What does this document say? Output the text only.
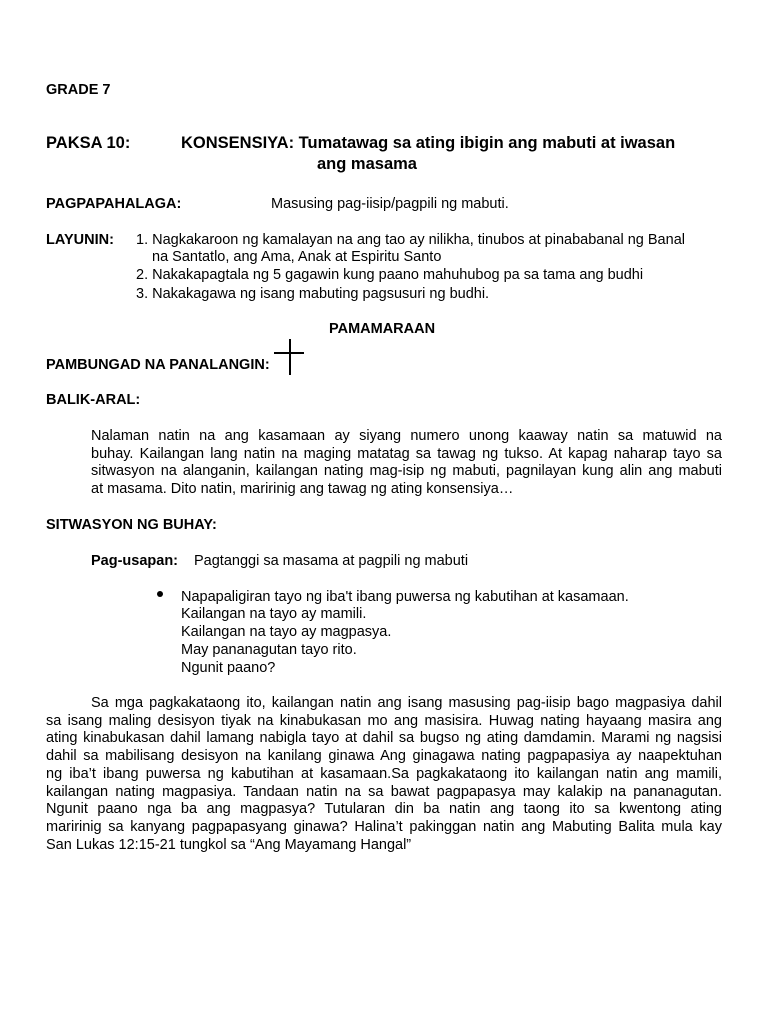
GRADE 7
PAKSA 10:	KONSENSIYA: Tumatawag sa ating ibigin ang mabuti at iwasan
ang masama
PAGPAPAHALAGA:	Masusing pag-iisip/pagpili ng mabuti.
LAYUNIN: 1. Nagkakaroon ng kamalayan na ang tao ay nilikha, tinubos at pinababanal ng Banal
na Santatlo, ang Ama, Anak at Espiritu Santo
2. Nakakapagtala ng 5 gagawin kung paano mahuhubog pa sa tama ang budhi
3. Nakakagawa ng isang mabuting pagsusuri ng budhi.
PAMAMARAAN
PAMBUNGAD NA PANALANGIN:
BALIK-ARAL:
Nalaman natin na ang kasamaan ay siyang numero unong kaaway natin sa matuwid na
buhay. Kailangan lang natin na maging matatag sa tawag ng tukso. At kapag naharap tayo sa
sitwasyon na alanganin, kailangan nating mag-isip ng mabuti, pagnilayan kung alin ang mabuti
at masama. Dito natin, maririnig ang tawag ng ating konsensiya…
SITWASYON NG BUHAY:
Pag-usapan: Pagtanggi sa masama at pagpili ng mabuti
Napapaligiran tayo ng iba't ibang puwersa ng kabutihan at kasamaan.
Kailangan na tayo ay mamili.
Kailangan na tayo ay magpasya.
May pananagutan tayo rito.
Ngunit paano?
Sa mga pagkakataong ito, kailangan natin ang isang masusing pag-iisip bago magpasiya dahil
sa isang maling desisyon tiyak na kinabukasan mo ang masisira. Huwag nating hayaang masira ang
ating kinabukasan dahil lamang nabigla tayo at dahil sa bugso ng ating damdamin. Marami ng nagsisi
dahil sa mabilisang desisyon na kanilang ginawa Ang ginagawa nating pagpapasiya ay naapektuhan
ng iba’t ibang puwersa ng kabutihan at kasamaan.Sa pagkakataong ito kailangan natin ang mamili,
kailangan nating magpasiya. Tandaan natin na sa bawat pagpapasya may kalakip na pananagutan.
Ngunit paano nga ba ang magpasya? Tutularan din ba natin ang taong ito sa kwentong ating
maririnig sa kanyang pagpapasyang ginawa? Halina’t pakinggan natin ang Mabuting Balita mula kay
San Lukas 12:15-21 tungkol sa “Ang Mayamang Hangal”
